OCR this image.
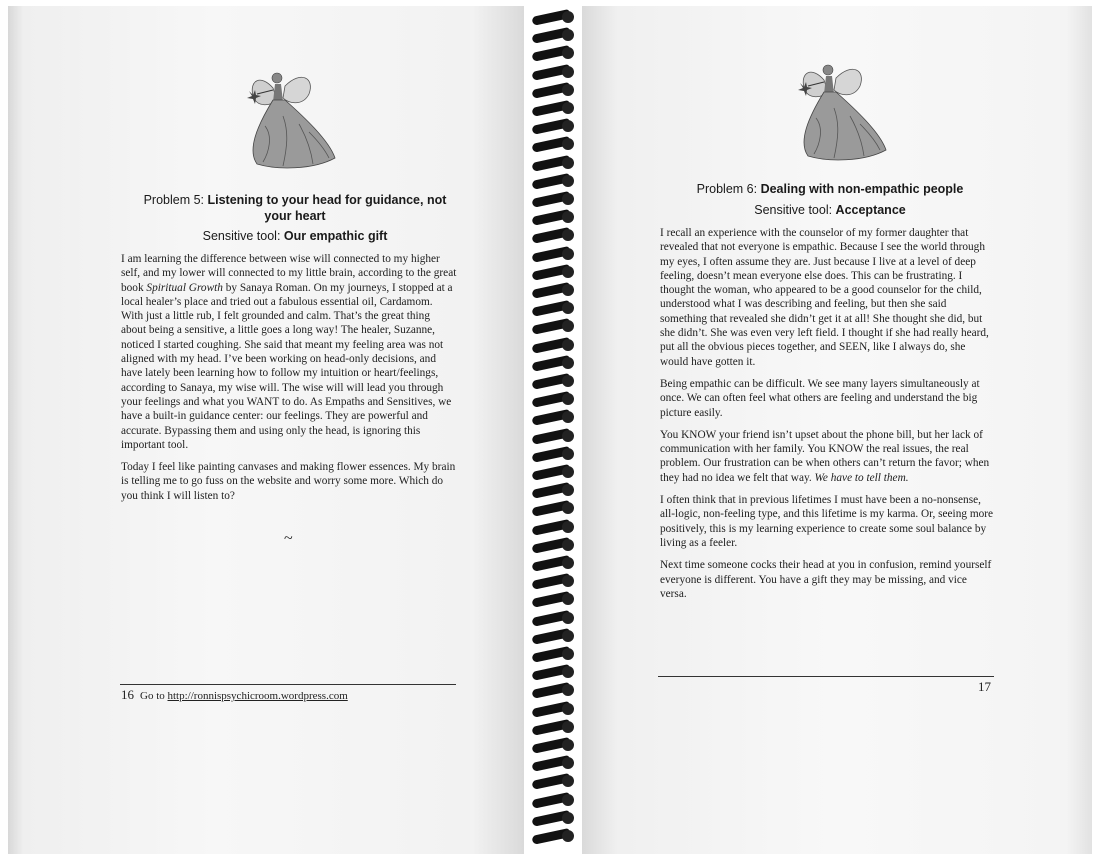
Problem 5: Listening to your head for guidance, not your heart
Sensitive tool: Our empathic gift

I am learning the difference between wise will connected to my higher self, and my lower will connected to my little brain, according to the great book Spiritual Growth by Sanaya Roman. On my journeys, I stopped at a local healer’s place and tried out a fabulous essential oil, Cardamom. With just a little rub, I felt grounded and calm. That’s the great thing about being a sensitive, a little goes a long way! The healer, Suzanne, noticed I started coughing. She said that meant my feeling area was not aligned with my head. I’ve been working on head-only decisions, and have lately been learning how to follow my intuition or heart/feelings, according to Sanaya, my wise will. The wise will will lead you through your feelings and what you WANT to do. As Empaths and Sensitives, we have a built-in guidance center: our feelings. They are powerful and accurate. Bypassing them and using only the head, is ignoring this important tool.

Today I feel like painting canvases and making flower essences. My brain is telling me to go fuss on the website and worry some more. Which do you think I will listen to?

~
16 Go to http://ronnispsychicroom.wordpress.com
Problem 6: Dealing with non-empathic people
Sensitive tool: Acceptance

I recall an experience with the counselor of my former daughter that revealed that not everyone is empathic. Because I see the world through my eyes, I often assume they are. Just because I live at a level of deep feeling, doesn’t mean everyone else does. This can be frustrating. I thought the woman, who appeared to be a good counselor for the child, understood what I was describing and feeling, but then she said something that revealed she didn’t get it at all! She thought she did, but she didn’t. She was even very left field. I thought if she had really heard, put all the obvious pieces together, and SEEN, like I always do, she would have gotten it.

Being empathic can be difficult. We see many layers simultaneously at once. We can often feel what others are feeling and understand the big picture easily.

You KNOW your friend isn’t upset about the phone bill, but her lack of communication with her family. You KNOW the real issues, the real problem. Our frustration can be when others can’t return the favor; when they had no idea we felt that way. We have to tell them.

I often think that in previous lifetimes I must have been a no-nonsense, all-logic, non-feeling type, and this lifetime is my karma. Or, seeing more positively, this is my learning experience to create some soul balance by living as a feeler.

Next time someone cocks their head at you in confusion, remind yourself everyone is different. You have a gift they may be missing, and vice versa.

17
